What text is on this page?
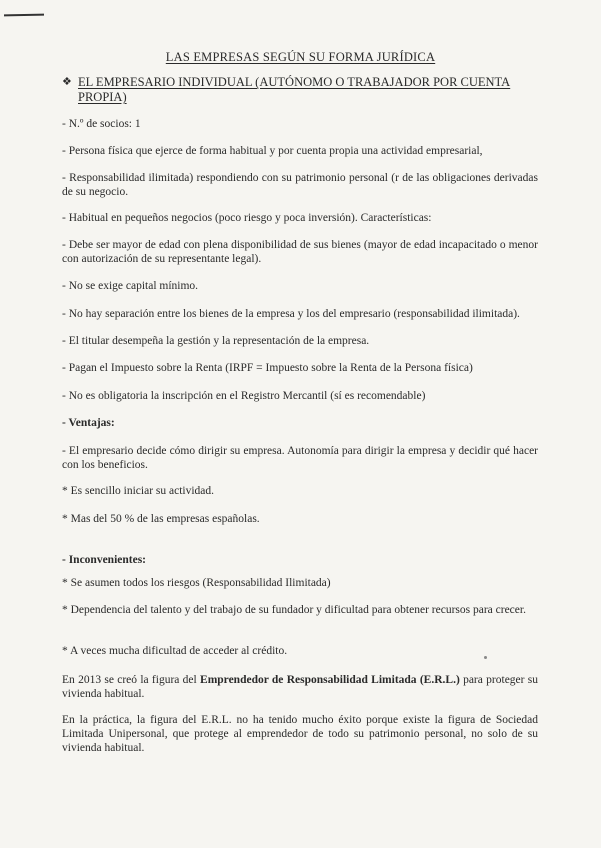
LAS EMPRESAS SEGÚN SU FORMA JURÍDICA
❖ EL EMPRESARIO INDIVIDUAL (AUTÓNOMO O TRABAJADOR POR CUENTA PROPIA)
- N.º de socios: 1
- Persona física que ejerce de forma habitual y por cuenta propia una actividad empresarial,
- Responsabilidad ilimitada) respondiendo con su patrimonio personal (r de las obligaciones derivadas de su negocio.
- Habitual en pequeños negocios (poco riesgo y poca inversión). Características:
- Debe ser mayor de edad con plena disponibilidad de sus bienes (mayor de edad incapacitado o menor con autorización de su representante legal).
- No se exige capital mínimo.
- No hay separación entre los bienes de la empresa y los del empresario (responsabilidad ilimitada).
- El titular desempeña la gestión y la representación de la empresa.
- Pagan el Impuesto sobre la Renta (IRPF = Impuesto sobre la Renta de la Persona física)
- No es obligatoria la inscripción en el Registro Mercantil (sí es recomendable)
- Ventajas:
- El empresario decide cómo dirigir su empresa. Autonomía para dirigir la empresa y decidir qué hacer con los beneficios.
* Es sencillo iniciar su actividad.
* Mas del 50 % de las empresas españolas.
- Inconvenientes:
* Se asumen todos los riesgos (Responsabilidad Ilimitada)
* Dependencia del talento y del trabajo de su fundador y dificultad para obtener recursos para crecer.
* A veces mucha dificultad de acceder al crédito.
En 2013 se creó la figura del Emprendedor de Responsabilidad Limitada (E.R.L.) para proteger su vivienda habitual.
En la práctica, la figura del E.R.L. no ha tenido mucho éxito porque existe la figura de Sociedad Limitada Unipersonal, que protege al emprendedor de todo su patrimonio personal, no solo de su vivienda habitual.
